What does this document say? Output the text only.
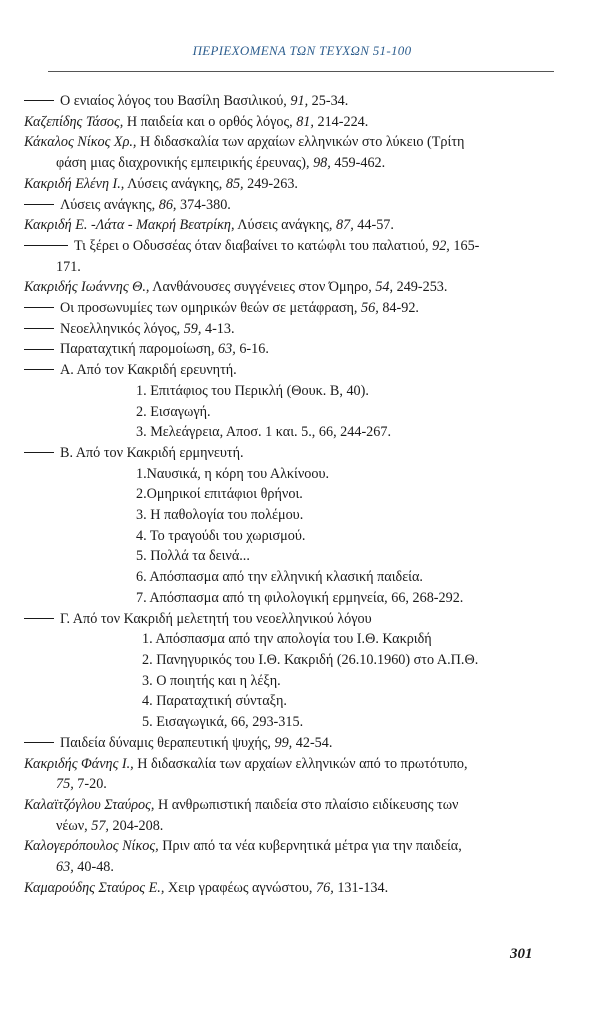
ΠΕΡΙΕΧΟΜΕΝΑ ΤΩΝ ΤΕΥΧΩΝ 51-100

Ο ενιαίος λόγος του Βασίλη Βασιλικού, 91, 25-34.

Καζεπίδης Τάσος, Η παιδεία και ο ορθός λόγος, 81, 214-224.

Κάκαλος Νίκος Χρ., Η διδασκαλία των αρχαίων ελληνικών στο λύκειο (Τρίτη
φάση μιας διαχρονικής εμπειρικής έρευνας), 98, 459-462.

Κακριδή Ελένη Ι., Λύσεις ανάγκης, 85, 249-263.

Λύσεις ανάγκης, 86, 374-380.

Κακριδή Ε. -Λάτα - Μακρή Βεατρίκη, Λύσεις ανάγκης, 87, 44-57.

Τι ξέρει ο Οδυσσέας όταν διαβαίνει το κατώφλι του παλατιού, 92, 165-
171.

Κακριδής Ιωάννης Θ., Λανθάνουσες συγγένειες στον Όμηρο, 54, 249-253.

Οι προσωνυμίες των ομηρικών θεών σε μετάφραση, 56, 84-92.

Νεοελληνικός λόγος, 59, 4-13.

Παραταχτική παρομοίωση, 63, 6-16.

Α. Από τον Κακριδή ερευνητή.

1. Επιτάφιος του Περικλή (Θουκ. Β, 40).

2. Εισαγωγή.

3. Μελεάγρεια, Αποσ. 1 και. 5., 66, 244-267.

Β. Από τον Κακριδή ερμηνευτή.

1.Ναυσικά, η κόρη του Αλκίνοου.

2.Ομηρικοί επιτάφιοι θρήνοι.

3. Η παθολογία του πολέμου.

4. Το τραγούδι του χωρισμού.

5. Πολλά τα δεινά...

6. Απόσπασμα από την ελληνική κλασική παιδεία.

7. Απόσπασμα από τη φιλολογική ερμηνεία, 66, 268-292.

Γ. Από τον Κακριδή μελετητή του νεοελληνικού λόγου

1. Απόσπασμα από την απολογία του Ι.Θ. Κακριδή

2. Πανηγυρικός του Ι.Θ. Κακριδή (26.10.1960) στο Α.Π.Θ.

3. Ο ποιητής και η λέξη.

4. Παραταχτική σύνταξη.

5. Εισαγωγικά, 66, 293-315.

Παιδεία δύναμις θεραπευτική ψυχής, 99, 42-54.

Κακριδής Φάνης Ι., Η διδασκαλία των αρχαίων ελληνικών από το πρωτότυπο,
75, 7-20.

Καλαϊτζόγλου Σταύρος, Η ανθρωπιστική παιδεία στο πλαίσιο ειδίκευσης των
νέων, 57, 204-208.

Καλογερόπουλος Νίκος, Πριν από τα νέα κυβερνητικά μέτρα για την παιδεία,
63, 40-48.

Καμαρούδης Σταύρος Ε., Χειρ γραφέως αγνώστου, 76, 131-134.

301
